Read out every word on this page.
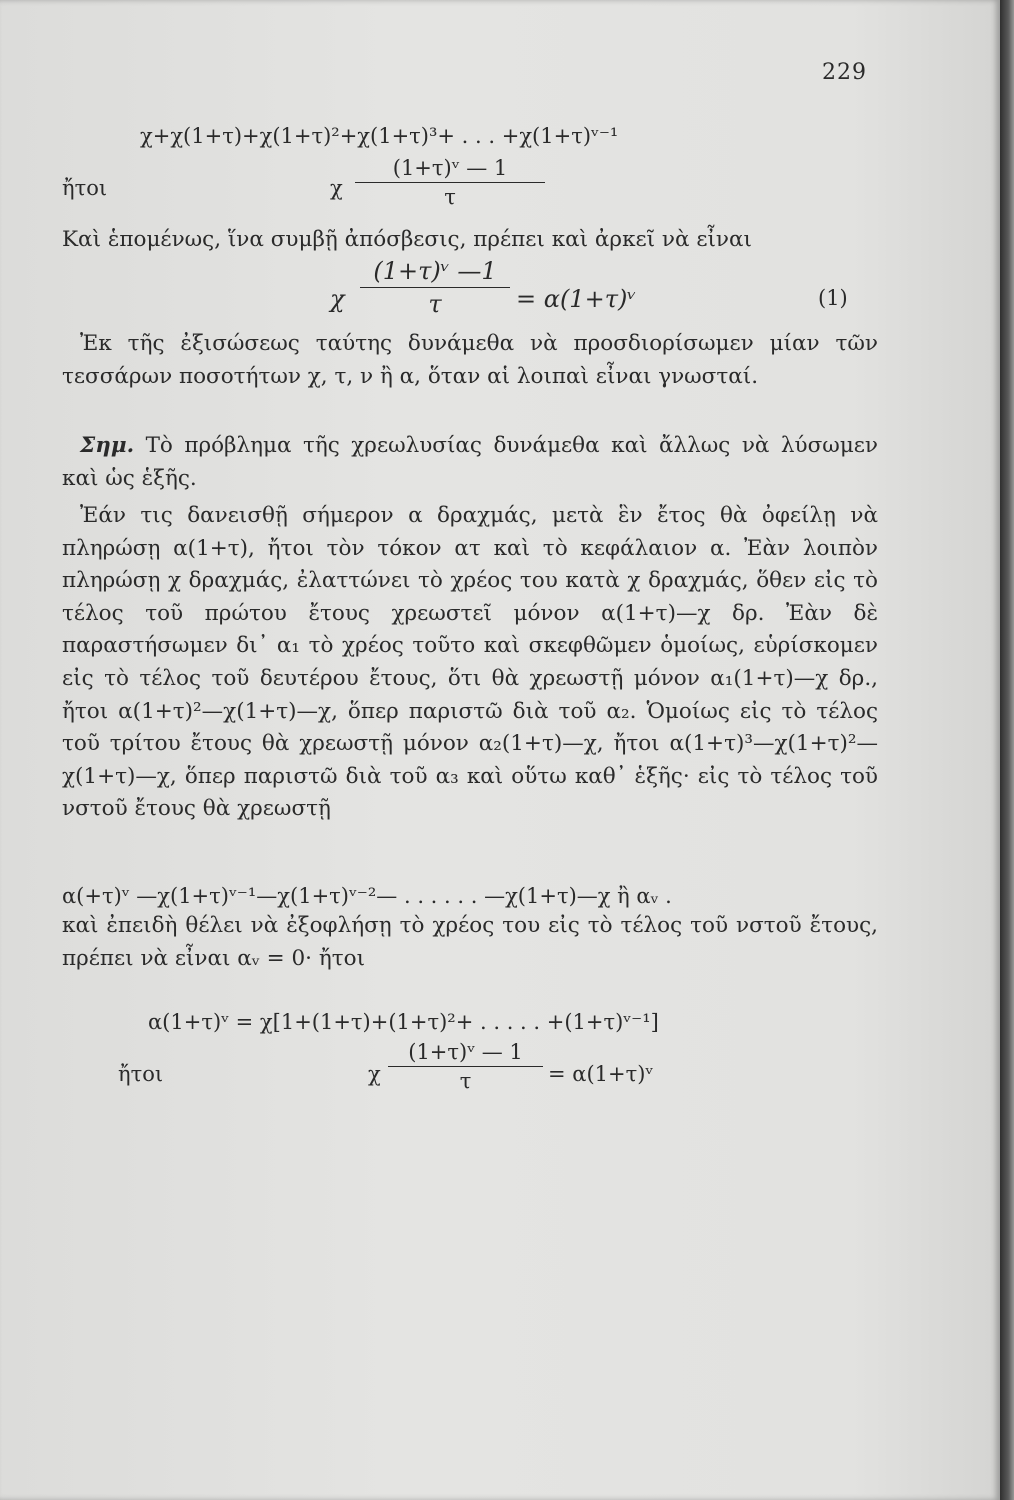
229
χ+χ(1+τ)+χ(1+τ)²+χ(1+τ)³+ . . . +χ(1+τ)ᵛ⁻¹
ἤτοι	χ
(1+τ)ᵛ — 1
τ
Καὶ ἑπομένως, ἵνα συμβῇ ἀπόσβεσις, πρέπει καὶ ἀρκεῖ νὰ εἶναι
χ
(1+τ)ᵛ —1
τ	= α(1+τ)ᵛ	(1)
Ἐκ τῆς ἐξισώσεως ταύτης δυνάμεθα νὰ προσδιορίσωμεν μίαν τῶν τεσσάρων ποσοτήτων χ, τ, ν ἢ α, ὅταν αἱ λοιπαὶ εἶναι γνωσταί.
Σημ. Τὸ πρόβλημα τῆς χρεωλυσίας δυνάμεθα καὶ ἄλλως νὰ λύσωμεν καὶ ὡς ἑξῆς.
Ἐάν τις δανεισθῇ σήμερον α δραχμάς, μετὰ ἓν ἔτος θὰ ὀφείλῃ νὰ πληρώσῃ α(1+τ), ἤτοι τὸν τόκον ατ καὶ τὸ κεφάλαιον α. Ἐὰν λοιπὸν πληρώσῃ χ δραχμάς, ἐλαττώνει τὸ χρέος του κατὰ χ δραχμάς, ὅθεν εἰς τὸ τέλος τοῦ πρώτου ἔτους χρεωστεῖ μόνον α(1+τ)—χ δρ. Ἐὰν δὲ παραστήσωμεν δι᾿ α₁ τὸ χρέος τοῦτο καὶ σκεφθῶμεν ὁμοίως, εὑρίσκομεν εἰς τὸ τέλος τοῦ δευτέρου ἔτους, ὅτι θὰ χρεωστῇ μόνον α₁(1+τ)—χ δρ., ἤτοι α(1+τ)²—χ(1+τ)—χ, ὅπερ παριστῶ διὰ τοῦ α₂. Ὁμοίως εἰς τὸ τέλος τοῦ τρίτου ἔτους θὰ χρεωστῇ μόνον α₂(1+τ)—χ, ἤτοι α(1+τ)³—χ(1+τ)²—χ(1+τ)—χ, ὅπερ παριστῶ διὰ τοῦ α₃ καὶ οὕτω καθ᾿ ἑξῆς· εἰς τὸ τέλος τοῦ νστοῦ ἔτους θὰ χρεωστῇ
α(+τ)ᵛ —χ(1+τ)ᵛ⁻¹—χ(1+τ)ᵛ⁻²— . . . . . . —χ(1+τ)—χ ἢ αᵥ .
καὶ ἐπειδὴ θέλει νὰ ἐξοφλήσῃ τὸ χρέος του εἰς τὸ τέλος τοῦ νστοῦ ἔτους, πρέπει νὰ εἶναι αᵥ = 0· ἤτοι
α(1+τ)ᵛ = χ[1+(1+τ)+(1+τ)²+ . . . . . +(1+τ)ᵛ⁻¹]
ἤτοι	χ
(1+τ)ᵛ — 1
τ	= α(1+τ)ᵛ
